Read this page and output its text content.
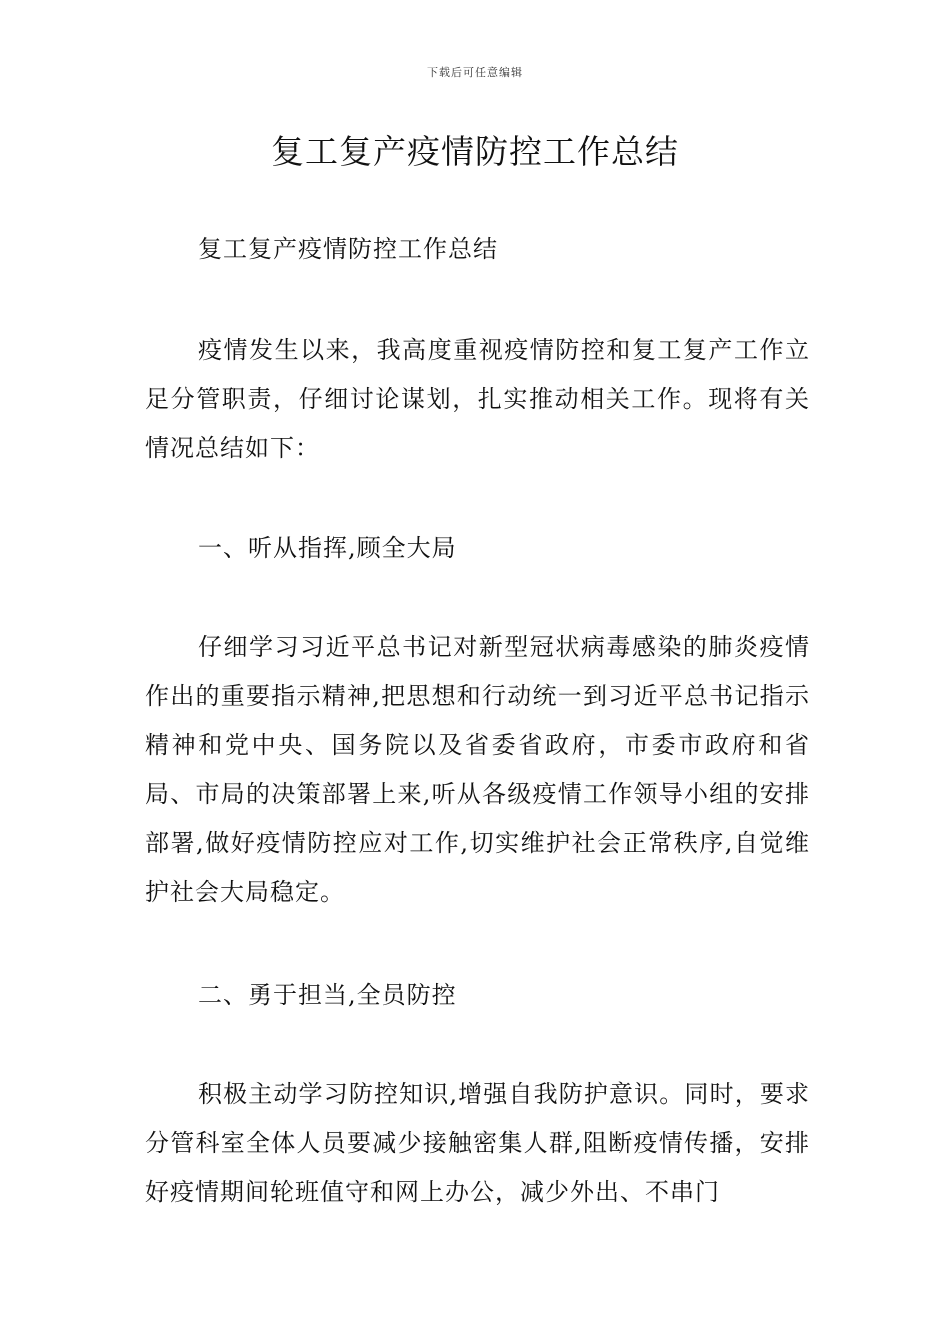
下载后可任意编辑
复工复产疫情防控工作总结

复工复产疫情防控工作总结

疫情发生以来，我高度重视疫情防控和复工复产工作立足分管职责，仔细讨论谋划，扎实推动相关工作。现将有关情况总结如下：

一、听从指挥,顾全大局

仔细学习习近平总书记对新型冠状病毒感染的肺炎疫情作出的重要指示精神,把思想和行动统一到习近平总书记指示精神和党中央、国务院以及省委省政府，市委市政府和省局、市局的决策部署上来,听从各级疫情工作领导小组的安排部署,做好疫情防控应对工作,切实维护社会正常秩序,自觉维护社会大局稳定。

二、勇于担当,全员防控

积极主动学习防控知识,增强自我防护意识。同时，要求分管科室全体人员要减少接触密集人群,阻断疫情传播，安排好疫情期间轮班值守和网上办公，减少外出、不串门
